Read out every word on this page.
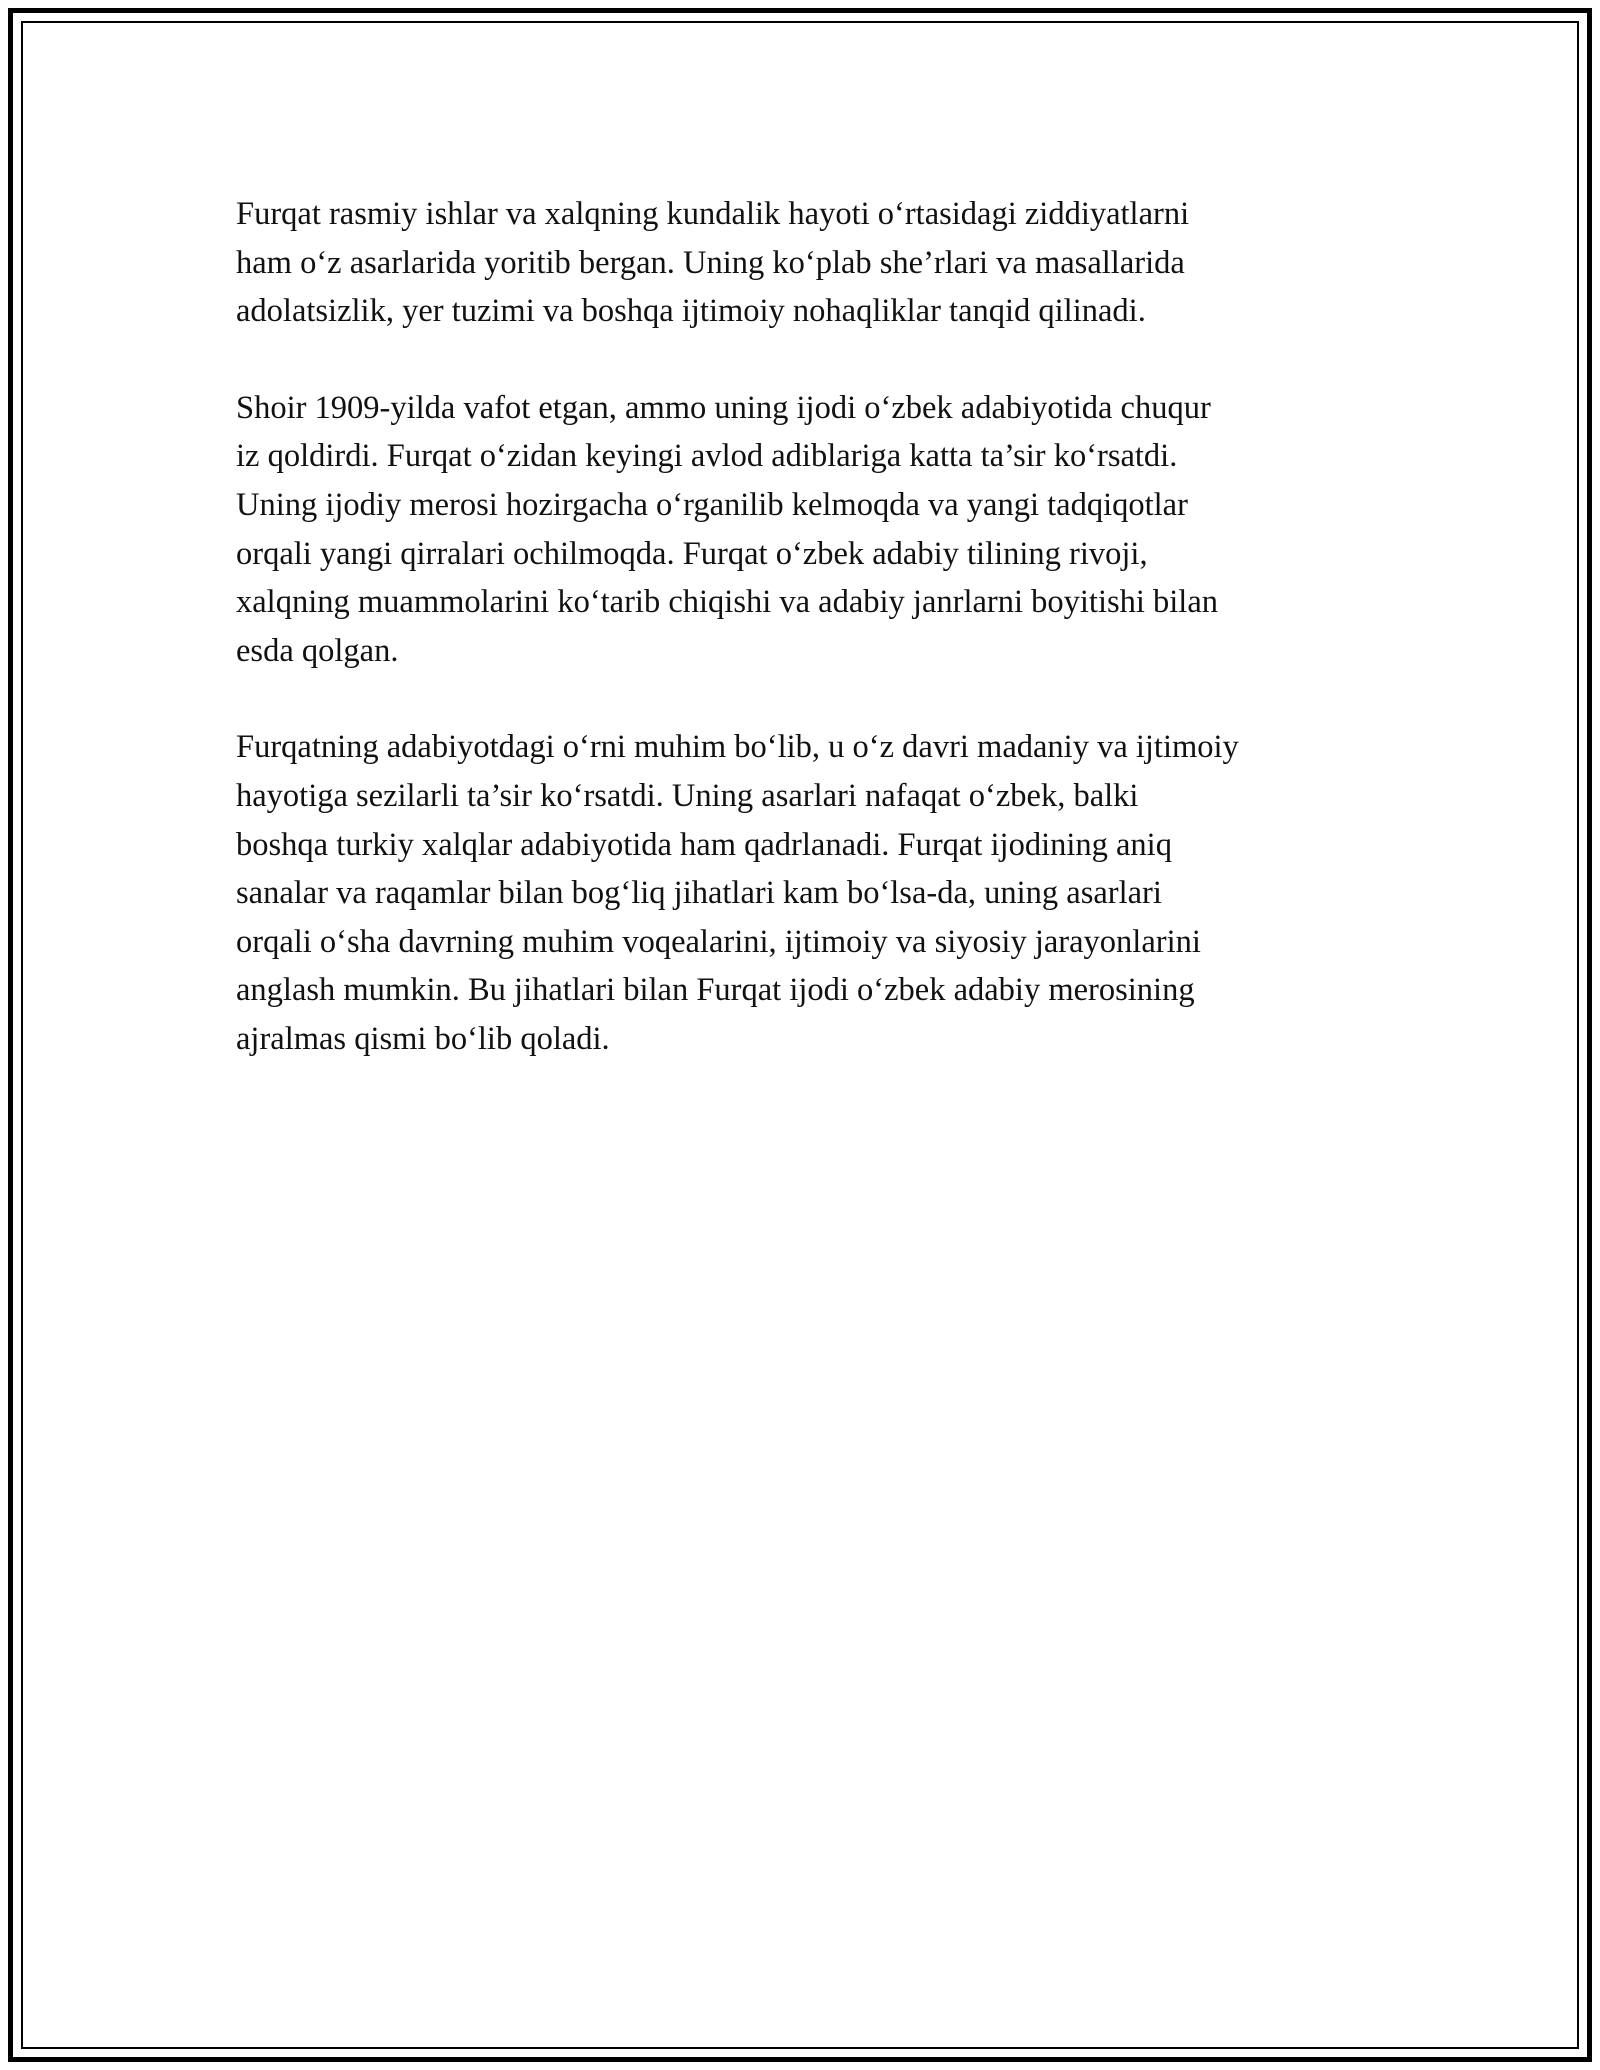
Furqat rasmiy ishlar va xalqning kundalik hayoti o‘rtasidagi ziddiyatlarni
ham o‘z asarlarida yoritib bergan. Uning ko‘plab she’rlari va masallarida
adolatsizlik, yer tuzimi va boshqa ijtimoiy nohaqliklar tanqid qilinadi.

Shoir 1909-yilda vafot etgan, ammo uning ijodi o‘zbek adabiyotida chuqur
iz qoldirdi. Furqat o‘zidan keyingi avlod adiblariga katta ta’sir ko‘rsatdi.
Uning ijodiy merosi hozirgacha o‘rganilib kelmoqda va yangi tadqiqotlar
orqali yangi qirralari ochilmoqda. Furqat o‘zbek adabiy tilining rivoji,
xalqning muammolarini ko‘tarib chiqishi va adabiy janrlarni boyitishi bilan
esda qolgan.

Furqatning adabiyotdagi o‘rni muhim bo‘lib, u o‘z davri madaniy va ijtimoiy
hayotiga sezilarli ta’sir ko‘rsatdi. Uning asarlari nafaqat o‘zbek, balki
boshqa turkiy xalqlar adabiyotida ham qadrlanadi. Furqat ijodining aniq
sanalar va raqamlar bilan bog‘liq jihatlari kam bo‘lsa-da, uning asarlari
orqali o‘sha davrning muhim voqealarini, ijtimoiy va siyosiy jarayonlarini
anglash mumkin. Bu jihatlari bilan Furqat ijodi o‘zbek adabiy merosining
ajralmas qismi bo‘lib qoladi.
